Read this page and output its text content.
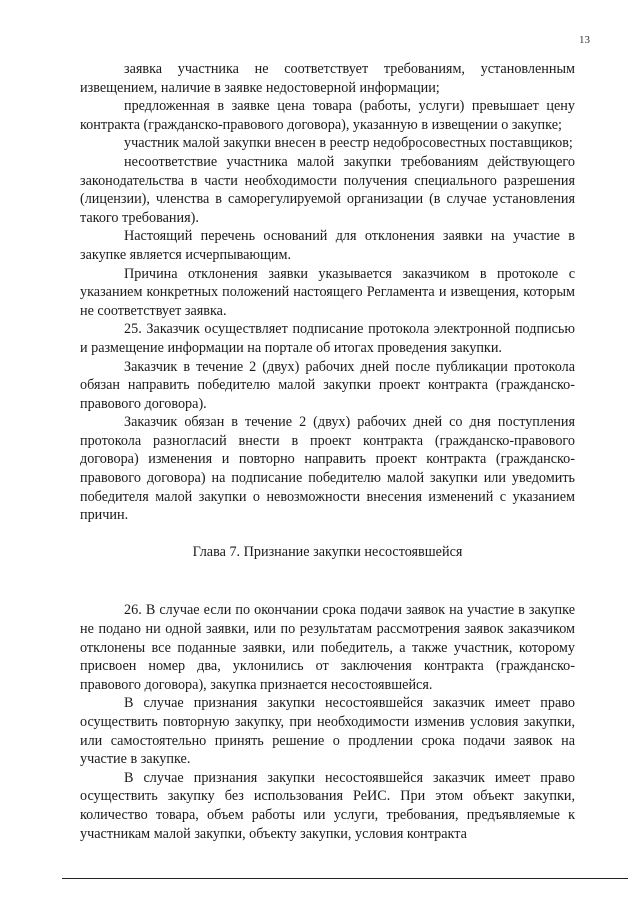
13

заявка участника не соответствует требованиям, установленным извещением, наличие в заявке недостоверной информации;

предложенная в заявке цена товара (работы, услуги) превышает цену контракта (гражданско-правового договора), указанную в извещении о закупке;

участник малой закупки внесен в реестр недобросовестных поставщиков;

несоответствие участника малой закупки требованиям действующего законодательства в части необходимости получения специального разрешения (лицензии), членства в саморегулируемой организации (в случае установления такого требования).

Настоящий перечень оснований для отклонения заявки на участие в закупке является исчерпывающим.

Причина отклонения заявки указывается заказчиком в протоколе с указанием конкретных положений настоящего Регламента и извещения, которым не соответствует заявка.

25. Заказчик осуществляет подписание протокола электронной подписью и размещение информации на портале об итогах проведения закупки.

Заказчик в течение 2 (двух) рабочих дней после публикации протокола обязан направить победителю малой закупки проект контракта (гражданско-правового договора).

Заказчик обязан в течение 2 (двух) рабочих дней со дня поступления протокола разногласий внести в проект контракта (гражданско-правового договора) изменения и повторно направить проект контракта (гражданско-правового договора) на подписание победителю малой закупки или уведомить победителя малой закупки о невозможности внесения изменений с указанием причин.

Глава 7. Признание закупки несостоявшейся

26. В случае если по окончании срока подачи заявок на участие в закупке не подано ни одной заявки, или по результатам рассмотрения заявок заказчиком отклонены все поданные заявки, или победитель, а также участник, которому присвоен номер два, уклонились от заключения контракта (гражданско-правового договора), закупка признается несостоявшейся.

В случае признания закупки несостоявшейся заказчик имеет право осуществить повторную закупку, при необходимости изменив условия закупки, или самостоятельно принять решение о продлении срока подачи заявок на участие в закупке.

В случае признания закупки несостоявшейся заказчик имеет право осуществить закупку без использования РеИС. При этом объект закупки, количество товара, объем работы или услуги, требования, предъявляемые к участникам малой закупки, объекту закупки, условия контракта
